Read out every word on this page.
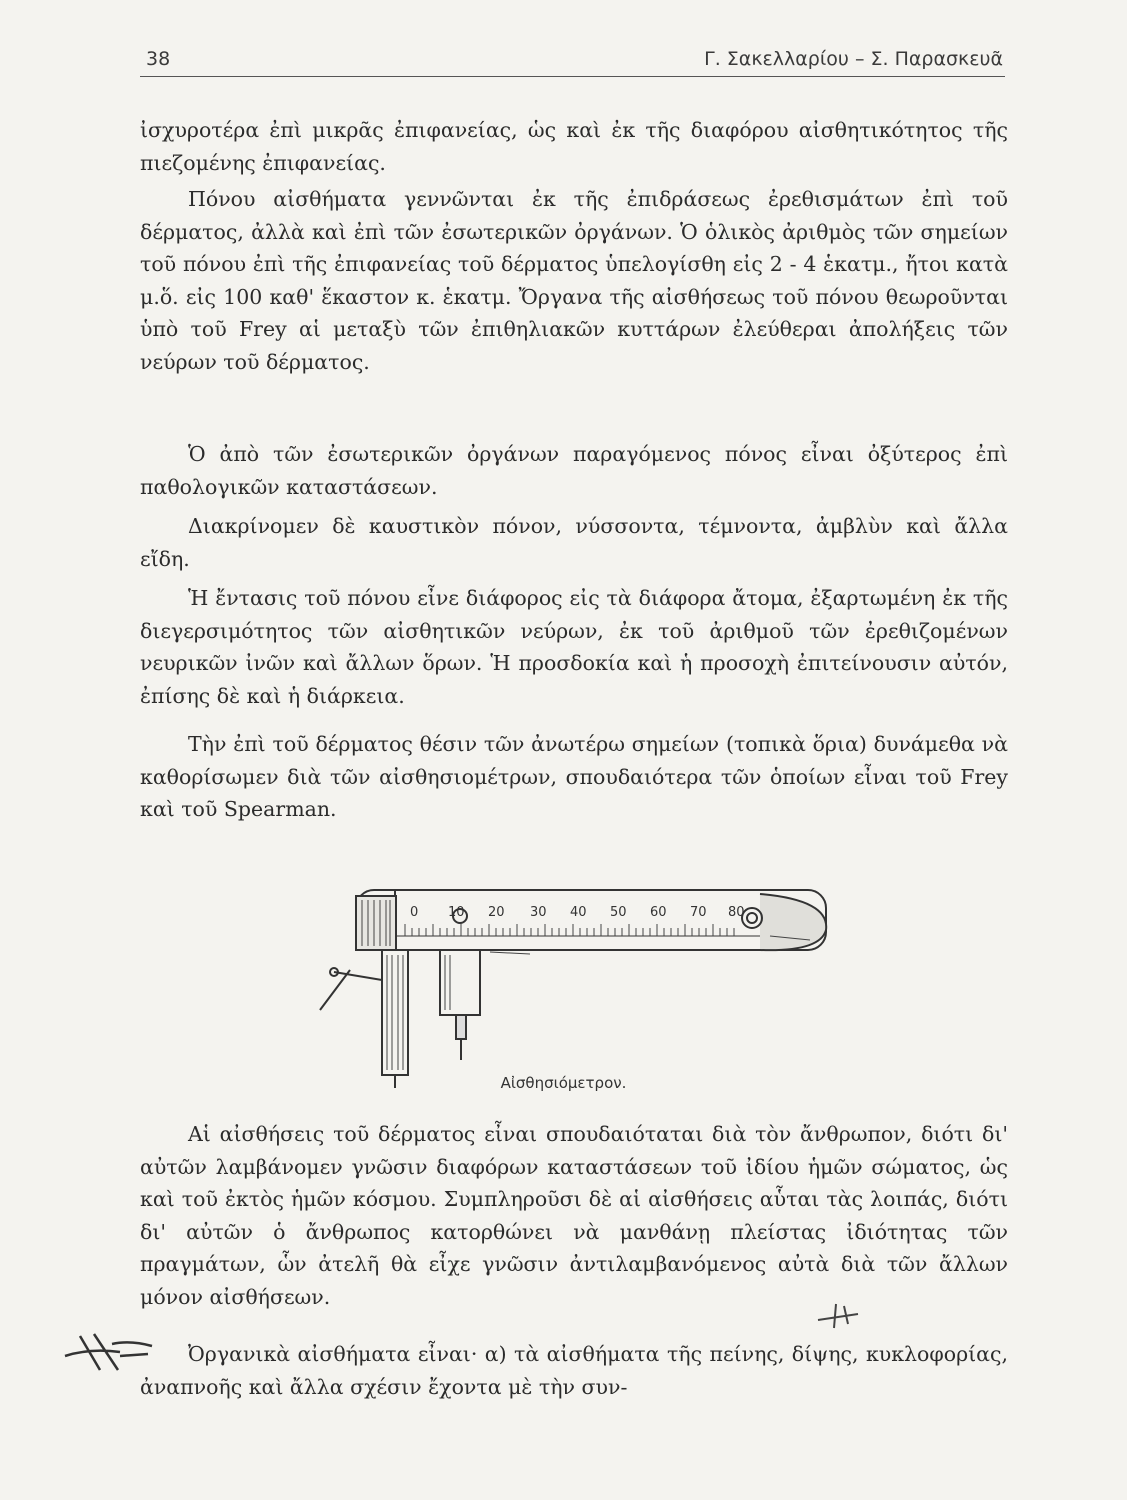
38	Γ. Σακελλαρίου – Σ. Παρασκευᾶ

ἰσχυροτέρα ἐπὶ μικρᾶς ἐπιφανείας, ὡς καὶ ἐκ τῆς διαφόρου αἰσθητικότητος τῆς πιεζομένης ἐπιφανείας.

Πόνου αἰσθήματα γεννῶνται ἐκ τῆς ἐπιδράσεως ἐρεθισμάτων ἐπὶ τοῦ δέρματος, ἀλλὰ καὶ ἐπὶ τῶν ἐσωτερικῶν ὀργάνων. Ὁ ὁλικὸς ἀριθμὸς τῶν σημείων τοῦ πόνου ἐπὶ τῆς ἐπιφανείας τοῦ δέρματος ὑπελογίσθη εἰς 2 - 4 ἑκατμ., ἤτοι κατὰ μ.ὅ. εἰς 100 καθ' ἕκαστον κ. ἑκατμ. Ὄργανα τῆς αἰσθήσεως τοῦ πόνου θεωροῦνται ὑπὸ τοῦ Frey αἱ μεταξὺ τῶν ἐπιθηλιακῶν κυττάρων ἐλεύθεραι ἀπολήξεις τῶν νεύρων τοῦ δέρματος.

Ὁ ἀπὸ τῶν ἐσωτερικῶν ὀργάνων παραγόμενος πόνος εἶναι ὀξύτερος ἐπὶ παθολογικῶν καταστάσεων.

Διακρίνομεν δὲ καυστικὸν πόνον, νύσσοντα, τέμνοντα, ἀμβλὺν καὶ ἄλλα εἴδη.

Ἡ ἔντασις τοῦ πόνου εἶνε διάφορος εἰς τὰ διάφορα ἄτομα, ἐξαρτωμένη ἐκ τῆς διεγερσιμότητος τῶν αἰσθητικῶν νεύρων, ἐκ τοῦ ἀριθμοῦ τῶν ἐρεθιζομένων νευρικῶν ἰνῶν καὶ ἄλλων ὅρων. Ἡ προσδοκία καὶ ἡ προσοχὴ ἐπιτείνουσιν αὐτόν, ἐπίσης δὲ καὶ ἡ διάρκεια.

Τὴν ἐπὶ τοῦ δέρματος θέσιν τῶν ἀνωτέρω σημείων (τοπικὰ ὅρια) δυνάμεθα νὰ καθορίσωμεν διὰ τῶν αἰσθησιομέτρων, σπουδαιότερα τῶν ὁποίων εἶναι τοῦ Frey καὶ τοῦ Spearman.

0 10 20 30 40 50 60 70 80
Αἰσθησιόμετρον.

Αἱ αἰσθήσεις τοῦ δέρματος εἶναι σπουδαιόταται διὰ τὸν ἄνθρωπον, διότι δι' αὐτῶν λαμβάνομεν γνῶσιν διαφόρων καταστάσεων τοῦ ἰδίου ἡμῶν σώματος, ὡς καὶ τοῦ ἐκτὸς ἡμῶν κόσμου. Συμπληροῦσι δὲ αἱ αἰσθήσεις αὗται τὰς λοιπάς, διότι δι' αὐτῶν ὁ ἄνθρωπος κατορθώνει νὰ μανθάνῃ πλείστας ἰδιότητας τῶν πραγμάτων, ὧν ἀτελῆ θὰ εἶχε γνῶσιν ἀντιλαμβανόμενος αὐτὰ διὰ τῶν ἄλλων μόνον αἰσθήσεων.

Ὀργανικὰ αἰσθήματα εἶναι· α) τὰ αἰσθήματα τῆς πείνης, δίψης, κυκλοφορίας, ἀναπνοῆς καὶ ἄλλα σχέσιν ἔχοντα μὲ τὴν συν-
